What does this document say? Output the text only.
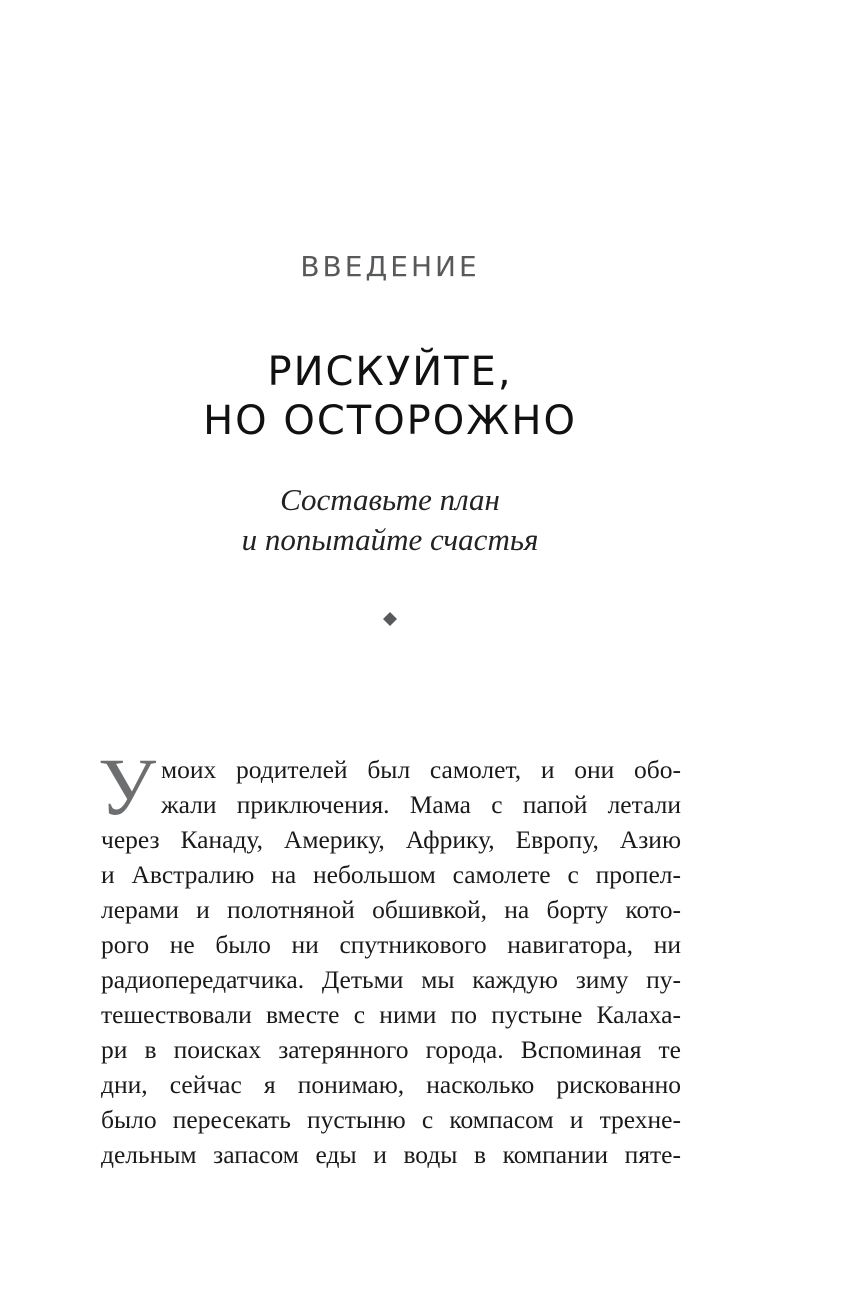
ВВЕДЕНИЕ
РИСКУЙТЕ,
НО ОСТОРОЖНО
Составьте план
и попытайте счастья
У моих родителей был самолет, и они обо-
жали приключения. Мама с папой летали
через Канаду, Америку, Африку, Европу, Азию
и Австралию на небольшом самолете с пропел-
лерами и полотняной обшивкой, на борту кото-
рого не было ни спутникового навигатора, ни
радиопередатчика. Детьми мы каждую зиму пу-
тешествовали вместе с ними по пустыне Калаха-
ри в поисках затерянного города. Вспоминая те
дни, сейчас я понимаю, насколько рискованно
было пересекать пустыню с компасом и трехне-
дельным запасом еды и воды в компании пяте-
